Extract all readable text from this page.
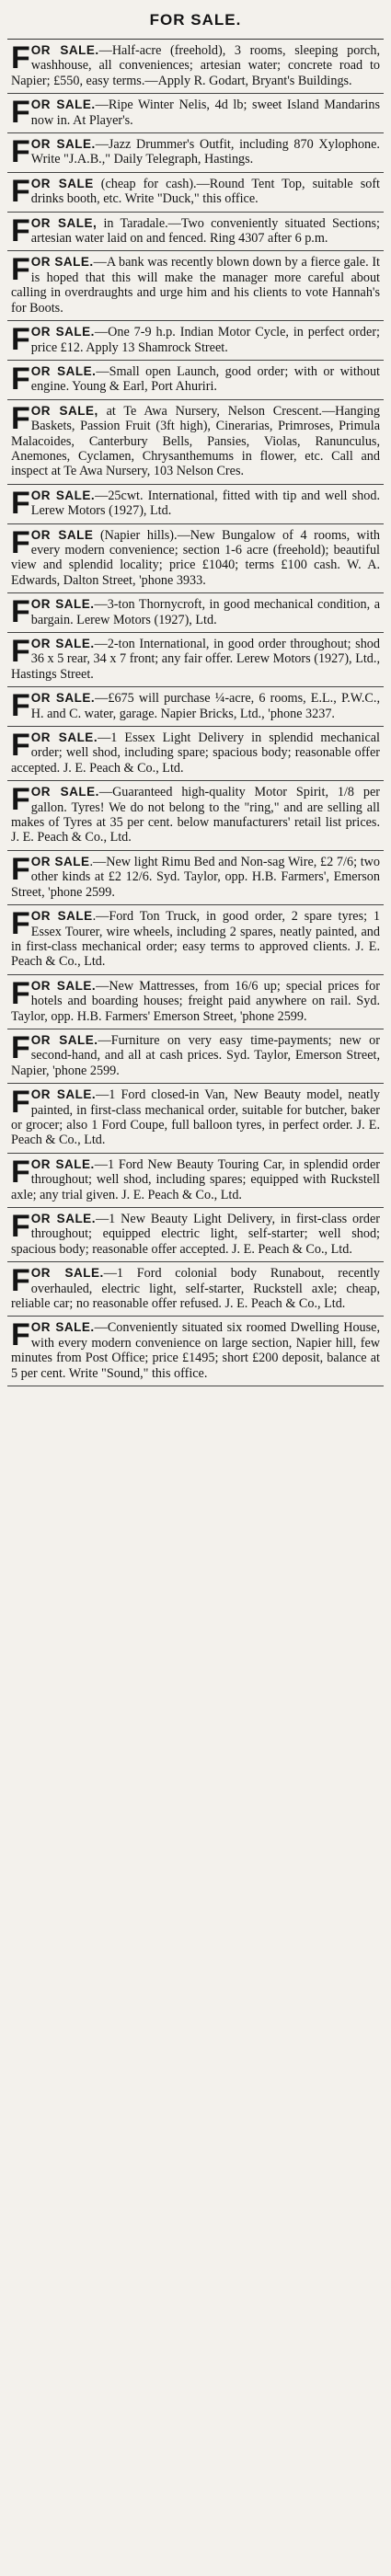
FOR SALE.
FOR SALE.—Half-acre (freehold), 3 rooms, sleeping porch, washhouse, all conveniences; artesian water; concrete road to Napier; £550, easy terms.—Apply R. Godart, Bryant's Buildings.
FOR SALE.—Ripe Winter Nelis, 4d lb; sweet Island Mandarins now in. At Player's.
FOR SALE.—Jazz Drummer's Outfit, including 870 Xylophone. Write "J.A.B.," Daily Telegraph, Hastings.
FOR SALE (cheap for cash).—Round Tent Top, suitable soft drinks booth, etc. Write "Duck," this office.
FOR SALE, in Taradale.—Two conveniently situated Sections; artesian water laid on and fenced. Ring 4307 after 6 p.m.
FOR SALE.—A bank was recently blown down by a fierce gale. It is hoped that this will make the manager more careful about calling in overdraughts and urge him and his clients to vote Hannah's for Boots.
FOR SALE.—One 7-9 h.p. Indian Motor Cycle, in perfect order; price £12. Apply 13 Shamrock Street.
FOR SALE.—Small open Launch, good order; with or without engine. Young & Earl, Port Ahuriri.
FOR SALE, at Te Awa Nursery, Nelson Crescent.—Hanging Baskets, Passion Fruit (3ft high), Cinerarias, Primroses, Primula Malacoides, Canterbury Bells, Pansies, Violas, Ranunculus, Anemones, Cyclamen, Chrysanthemums in flower, etc. Call and inspect at Te Awa Nursery, 103 Nelson Cres.
FOR SALE.—25cwt. International, fitted with tip and well shod. Lerew Motors (1927), Ltd.
FOR SALE (Napier hills).—New Bungalow of 4 rooms, with every modern convenience; section 1-6 acre (freehold); beautiful view and splendid locality; price £1040; terms £100 cash. W. A. Edwards, Dalton Street, 'phone 3933.
FOR SALE.—3-ton Thornycroft, in good mechanical condition, a bargain. Lerew Motors (1927), Ltd.
FOR SALE.—2-ton International, in good order throughout; shod 36 x 5 rear, 34 x 7 front; any fair offer. Lerew Motors (1927), Ltd., Hastings Street.
FOR SALE.—£675 will purchase ¼-acre, 6 rooms, E.L., P.W.C., H. and C. water, garage. Napier Bricks, Ltd., 'phone 3237.
FOR SALE.—1 Essex Light Delivery in splendid mechanical order; well shod, including spare; spacious body; reasonable offer accepted. J. E. Peach & Co., Ltd.
FOR SALE.—Guaranteed high-quality Motor Spirit, 1/8 per gallon. Tyres! We do not belong to the "ring," and are selling all makes of Tyres at 35 per cent. below manufacturers' retail list prices. J. E. Peach & Co., Ltd.
FOR SALE.—New light Rimu Bed and Non-sag Wire, £2 7/6; two other kinds at £2 12/6. Syd. Taylor, opp. H.B. Farmers', Emerson Street, 'phone 2599.
FOR SALE.—Ford Ton Truck, in good order, 2 spare tyres; 1 Essex Tourer, wire wheels, including 2 spares, neatly painted, and in first-class mechanical order; easy terms to approved clients. J. E. Peach & Co., Ltd.
FOR SALE.—New Mattresses, from 16/6 up; special prices for hotels and boarding houses; freight paid anywhere on rail. Syd. Taylor, opp. H.B. Farmers' Emerson Street, 'phone 2599.
FOR SALE.—Furniture on very easy time-payments; new or second-hand, and all at cash prices. Syd. Taylor, Emerson Street, Napier, 'phone 2599.
FOR SALE.—1 Ford closed-in Van, New Beauty model, neatly painted, in first-class mechanical order, suitable for butcher, baker or grocer; also 1 Ford Coupe, full balloon tyres, in perfect order. J. E. Peach & Co., Ltd.
FOR SALE.—1 Ford New Beauty Touring Car, in splendid order throughout; well shod, including spares; equipped with Ruckstell axle; any trial given. J. E. Peach & Co., Ltd.
FOR SALE.—1 New Beauty Light Delivery, in first-class order throughout; equipped electric light, self-starter; well shod; spacious body; reasonable offer accepted. J. E. Peach & Co., Ltd.
FOR SALE.—1 Ford colonial body Runabout, recently overhauled, electric light, self-starter, Ruckstell axle; cheap, reliable car; no reasonable offer refused. J. E. Peach & Co., Ltd.
FOR SALE.—Conveniently situated six roomed Dwelling House, with every modern convenience on large section, Napier hill, few minutes from Post Office; price £1495; short £200 deposit, balance at 5 per cent. Write "Sound," this office.
